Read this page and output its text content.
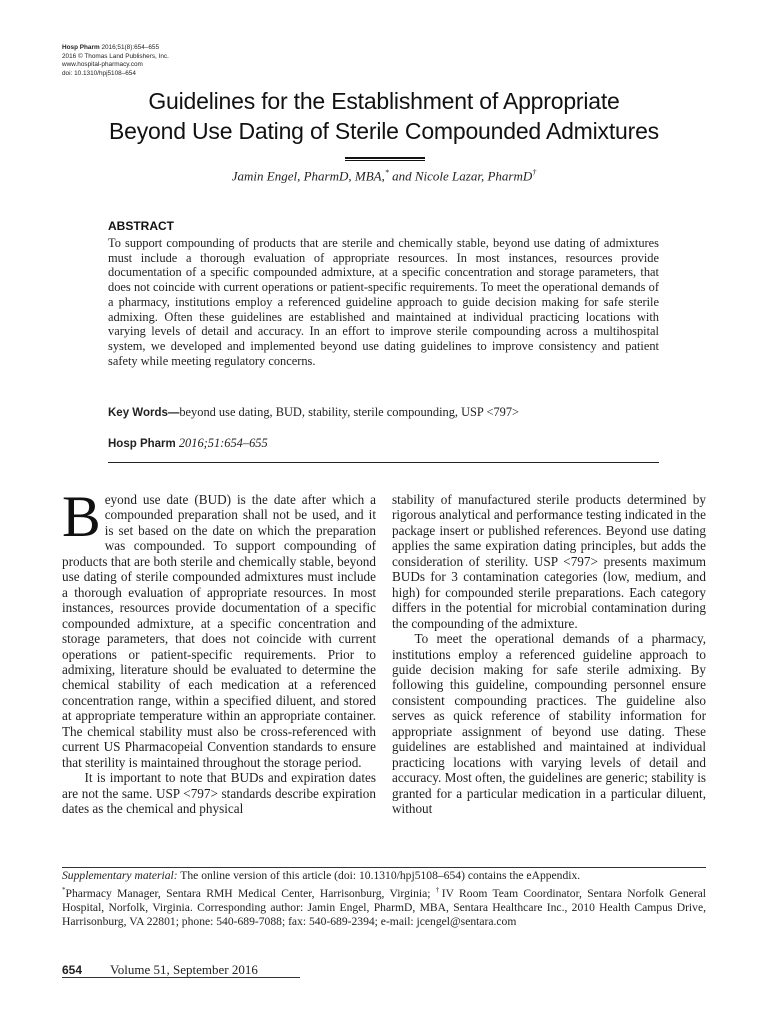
Hosp Pharm 2016;51(8):654–655
2016 © Thomas Land Publishers, Inc.
www.hospital-pharmacy.com
doi: 10.1310/hpj5108–654
Guidelines for the Establishment of Appropriate
Beyond Use Dating of Sterile Compounded Admixtures
Jamin Engel, PharmD, MBA,* and Nicole Lazar, PharmD†
ABSTRACT

To support compounding of products that are sterile and chemically stable, beyond use dating of admixtures must include a thorough evaluation of appropriate resources. In most instances, resources provide documentation of a specific compounded admixture, at a specific concentration and storage parameters, that does not coincide with current operations or patient-specific requirements. To meet the operational demands of a pharmacy, institutions employ a referenced guideline approach to guide decision making for safe sterile admixing. Often these guidelines are established and maintained at individual practicing locations with varying levels of detail and accuracy. In an effort to improve sterile compounding across a multihospital system, we developed and implemented beyond use dating guidelines to improve consistency and patient safety while meeting regulatory concerns.

Key Words—beyond use dating, BUD, stability, sterile compounding, USP <797>
Hosp Pharm 2016;51:654–655

Beyond use date (BUD) is the date after which a compounded preparation shall not be used, and it is set based on the date on which the preparation was compounded. To support compounding of products that are both sterile and chemically stable, beyond use dating of sterile compounded admixtures must include a thorough evaluation of appropriate resources. In most instances, resources provide documentation of a specific compounded admixture, at a specific concentration and storage parameters, that does not coincide with current operations or patient-specific requirements. Prior to admixing, literature should be evaluated to determine the chemical stability of each medication at a referenced concentration range, within a specified diluent, and stored at appropriate temperature within an appropriate container. The chemical stability must also be cross-referenced with current US Pharmacopeial Convention standards to ensure that sterility is maintained throughout the storage period.

It is important to note that BUDs and expiration dates are not the same. USP <797> standards describe expiration dates as the chemical and physical

stability of manufactured sterile products determined by rigorous analytical and performance testing indicated in the package insert or published references. Beyond use dating applies the same expiration dating principles, but adds the consideration of sterility. USP <797> presents maximum BUDs for 3 contamination categories (low, medium, and high) for compounded sterile preparations. Each category differs in the potential for microbial contamination during the compounding of the admixture.

To meet the operational demands of a pharmacy, institutions employ a referenced guideline approach to guide decision making for safe sterile admixing. By following this guideline, compounding personnel ensure consistent compounding practices. The guideline also serves as quick reference of stability information for appropriate assignment of beyond use dating. These guidelines are established and maintained at individual practicing locations with varying levels of detail and accuracy. Most often, the guidelines are generic; stability is granted for a particular medication in a particular diluent, without

Supplementary material: The online version of this article (doi: 10.1310/hpj5108–654) contains the eAppendix.

*Pharmacy Manager, Sentara RMH Medical Center, Harrisonburg, Virginia; †IV Room Team Coordinator, Sentara Norfolk General Hospital, Norfolk, Virginia. Corresponding author: Jamin Engel, PharmD, MBA, Sentara Healthcare Inc., 2010 Health Campus Drive, Harrisonburg, VA 22801; phone: 540-689-7088; fax: 540-689-2394; e-mail: jcengel@sentara.com

654 Volume 51, September 2016
